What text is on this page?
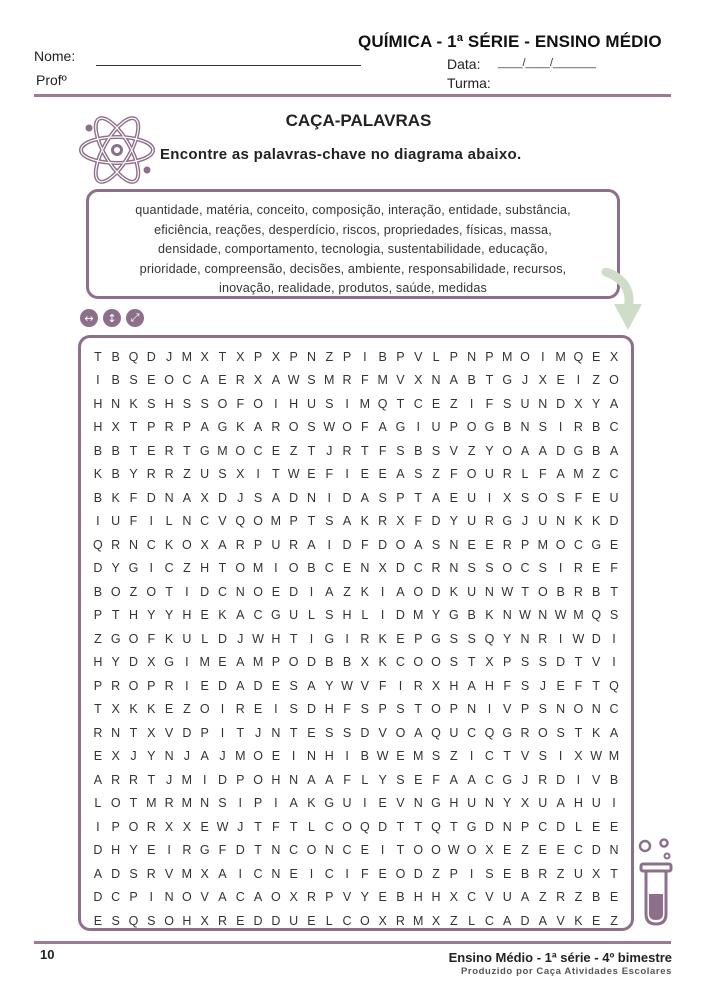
QUÍMICA - 1ª SÉRIE - ENSINO MÉDIO
Nome:
Profº
Data: ____/____/_______
Turma:
CAÇA-PALAVRAS
Encontre as palavras-chave no diagrama abaixo.

quantidade, matéria, conceito, composição, interação, entidade, substância,

eficiência, reações, desperdício, riscos, propriedades, físicas, massa,

densidade, comportamento, tecnologia, sustentabilidade, educação,

prioridade, compreensão, decisões, ambiente, responsabilidade, recursos,

inovação, realidade, produtos, saúde, medidas

↔	↕	⤢
T B Q D J M X T X P X P N Z P I B P V L P N P M O I M Q E X
I B S E O C A E R X A W S M R F M V X N A B T G J X E I Z O
H N K S H S S O F O I H U S I M Q T C E Z I F S U N D X Y A
H X T P R P A G K A R O S W O F A G I U P O G B N S I R B C
B B T E R T G M O C E Z T J R T F S B S V Z Y O A A D G B A
K B Y R R Z U S X I T W E F I E E A S Z F O U R L F A M Z C
B K F D N A X D J S A D N I D A S P T A E U I X S O S F E U
I U F I	L N C V Q O M P T S A K R X F D Y U R G J U N K K D
Q R N C K O X A R P U R A I D F D O A S N E E R P M O C G E
D Y G I C Z H T O M I O B C E N X D C R N S S O C S I R E F
B O Z O T I D C N O E D I A Z K I A O D K U N W T O B R B T
P T H Y Y H E K A C G U L S H L	I D M Y G B K N W N W M Q S
Z G O F K U L D J W H T I G I R K E P G S S Q Y N R I W D I
H Y D X G I M E A M P O D B B X K C O O S T X P S S D T V I
P R O P R I E D A D E S A Y W V F I R X H A H F S J E F T Q
T X K K E Z O I R E I S D H F S P S T O P N I V P S N O N C
R N T X V D P I T J N T E S S D V O A Q U C Q G R O S T K A
E X J Y N J A J M O E I N H I B W E M S Z I C T V S I X W M
A R R T J M I D P O H N A A F L Y S E F A A C G J R D I V B
L O T M R M N S I P I A K G U I E V N G H U N Y X U A H U I
I P O R X X E W J T F T L C O Q D T T Q T G D N P C D L E E
D H Y E I R G F D T N C O N C E I T O O W O X E Z E E C D N
A D S R V M X A I C N E I C I F E O D Z P I S E B R Z U X T
D C P I N O V A C A O X R P V Y E B H H X C V U A Z R Z B E
E S Q S O H X R E D D U E L C O X R M X Z L C A D A V K E Z
10	Ensino Médio - 1ª série - 4º bimestre
Produzido por Caça Atividades Escolares
